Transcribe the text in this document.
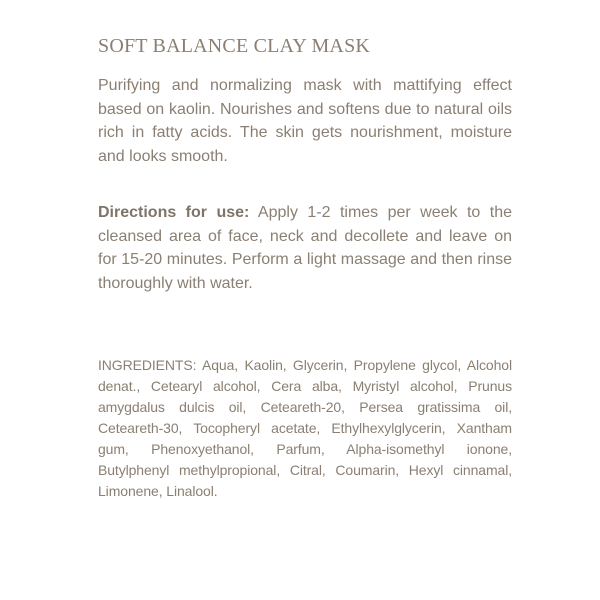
SOFT BALANCE CLAY MASK

Purifying and normalizing mask with mattifying effect based on kaolin. Nourishes and softens due to natural oils rich in fatty acids. The skin gets nourishment, moisture and looks smooth.

Directions for use: Apply 1-2 times per week to the cleansed area of face, neck and decollete and leave on for 15-20 minutes. Perform a light massage and then rinse thoroughly with water.

INGREDIENTS: Aqua, Kaolin, Glycerin, Propylene glycol, Alcohol denat., Cetearyl alcohol, Cera alba, Myristyl alcohol, Prunus amygdalus dulcis oil, Ceteareth-20, Persea gratissima oil, Ceteareth-30, Tocopheryl acetate, Ethylhexylglycerin, Xantham gum, Phenoxyethanol, Parfum, Alpha-isomethyl ionone, Butylphenyl methylpropional, Citral, Coumarin, Hexyl cinnamal, Limonene, Linalool.
